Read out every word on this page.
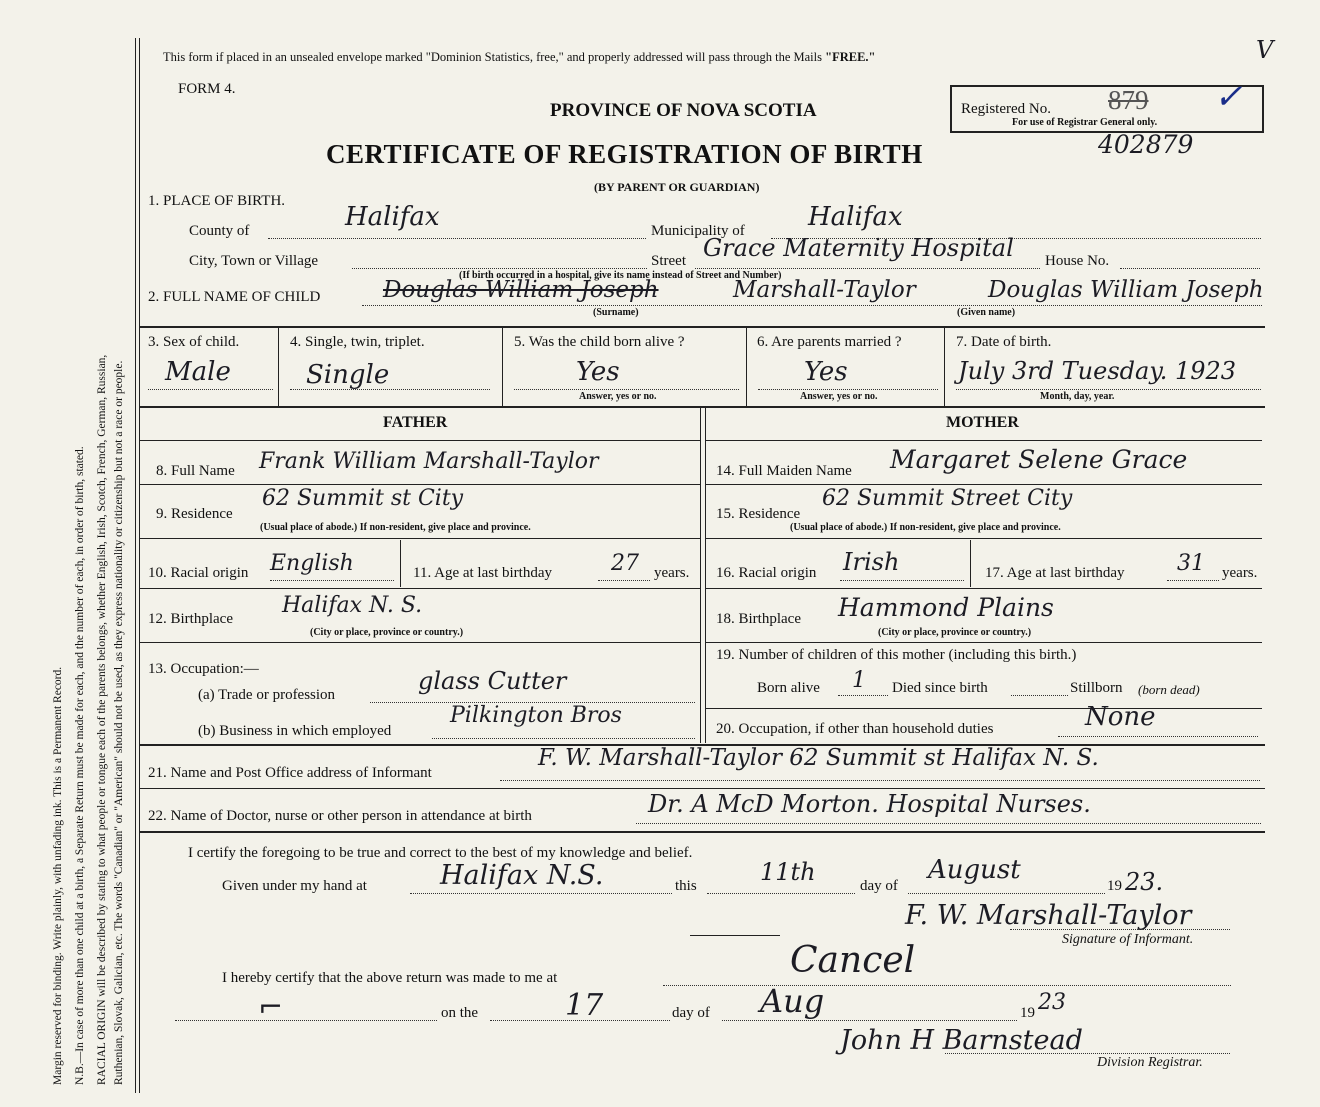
Margin reserved for binding. Write plainly, with unfading ink. This is a Permanent Record. N.B.—In case of more than one child at a birth, a Separate Return must be made for each, and the number of each, in order of birth, stated. RACIAL ORIGIN will be described by stating to what people or tongue each of the parents belongs, whether English, Irish, Scotch, French, German, Russian, Ruthenian, Slovak, Galician, etc. The words "Canadian" or "American" should not be used, as they express nationality or citizenship but not a race or people.
This form if placed in an unsealed envelope marked "Dominion Statistics, free," and properly addressed will pass through the Mails "FREE."	V
FORM 4.
PROVINCE OF NOVA SCOTIA	Registered No. 879 ✓
For use of Registrar General only.
CERTIFICATE OF REGISTRATION OF BIRTH	402879
(BY PARENT OR GUARDIAN)
1. PLACE OF BIRTH.
County of	Halifax	Municipality of Halifax
City, Town or Village	Street Grace Maternity Hospital House No.
(If birth occurred in a hospital, give its name instead of Street and Number)
2. FULL NAME OF CHILD	Douglas William Joseph	Marshall-Taylor	Douglas William Joseph
(Surname)	(Given name)
3. Sex of child.
Male
4. Single, twin, triplet.
Single
5. Was the child born alive ?
Yes
Answer, yes or no.
6. Are parents married ?
Yes
Answer, yes or no.
7. Date of birth.
July 3rd Tuesday. 1923
Month, day, year.
FATHER	MOTHER
8. Full Name Frank William Marshall-Taylor
9. Residence
62 Summit st City
(Usual place of abode.) If non-resident, give place and province.
10. Racial origin English	11. Age at last birthday	27 years.
12. Birthplace
Halifax N. S.
(City or place, province or country.)
13. Occupation:—
(a) Trade or profession	glass Cutter
(b) Business in which employed
Pilkington Bros
14. Full Maiden Name Margaret Selene Grace
15. Residence
62 Summit Street City
(Usual place of abode.) If non-resident, give place and province.
16. Racial origin Irish	17. Age at last birthday 31 years.
18. Birthplace Hammond Plains
(City or place, province or country.)
19. Number of children of this mother (including this birth.)
Born alive 1 Died since birth	Stillborn (born dead)
20. Occupation, if other than household duties	None
21. Name and Post Office address of Informant
F. W. Marshall-Taylor 62 Summit st Halifax N. S.
22. Name of Doctor, nurse or other person in attendance at birth	Dr. A McD Morton. Hospital Nurses.
I certify the foregoing to be true and correct to the best of my knowledge and belief.
Given under my hand at	Halifax N.S.	this	11th	day of
August
19 23.
F. W. Marshall-Taylor
Signature of Informant.
I hereby certify that the above return was made to me at	Cancel
⌐	on the	17	day of Aug	19 23
John H Barnstead
Division Registrar.
